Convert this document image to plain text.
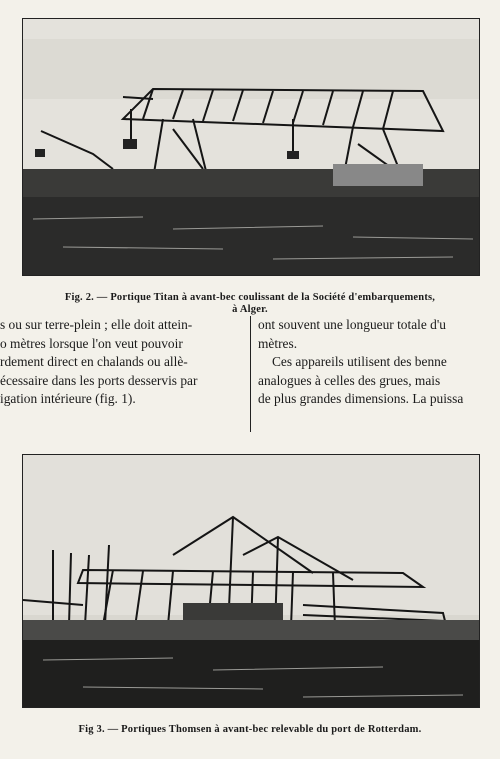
Fig. 2. — Portique Titan à avant-bec coulissant de la Société d'embarquements,
à Alger.
s ou sur terre-plein ; elle doit attein-
o mètres lorsque l'on veut pouvoir
rdement direct en chalands ou allè-
écessaire dans les ports desservis par
igation intérieure (fig. 1).
ont souvent une longueur totale d'u
mètres.
Ces appareils utilisent des benne
analogues à celles des grues, mais
de plus grandes dimensions. La puissa
Fig 3. — Portiques Thomsen à avant-bec relevable du port de Rotterdam.
